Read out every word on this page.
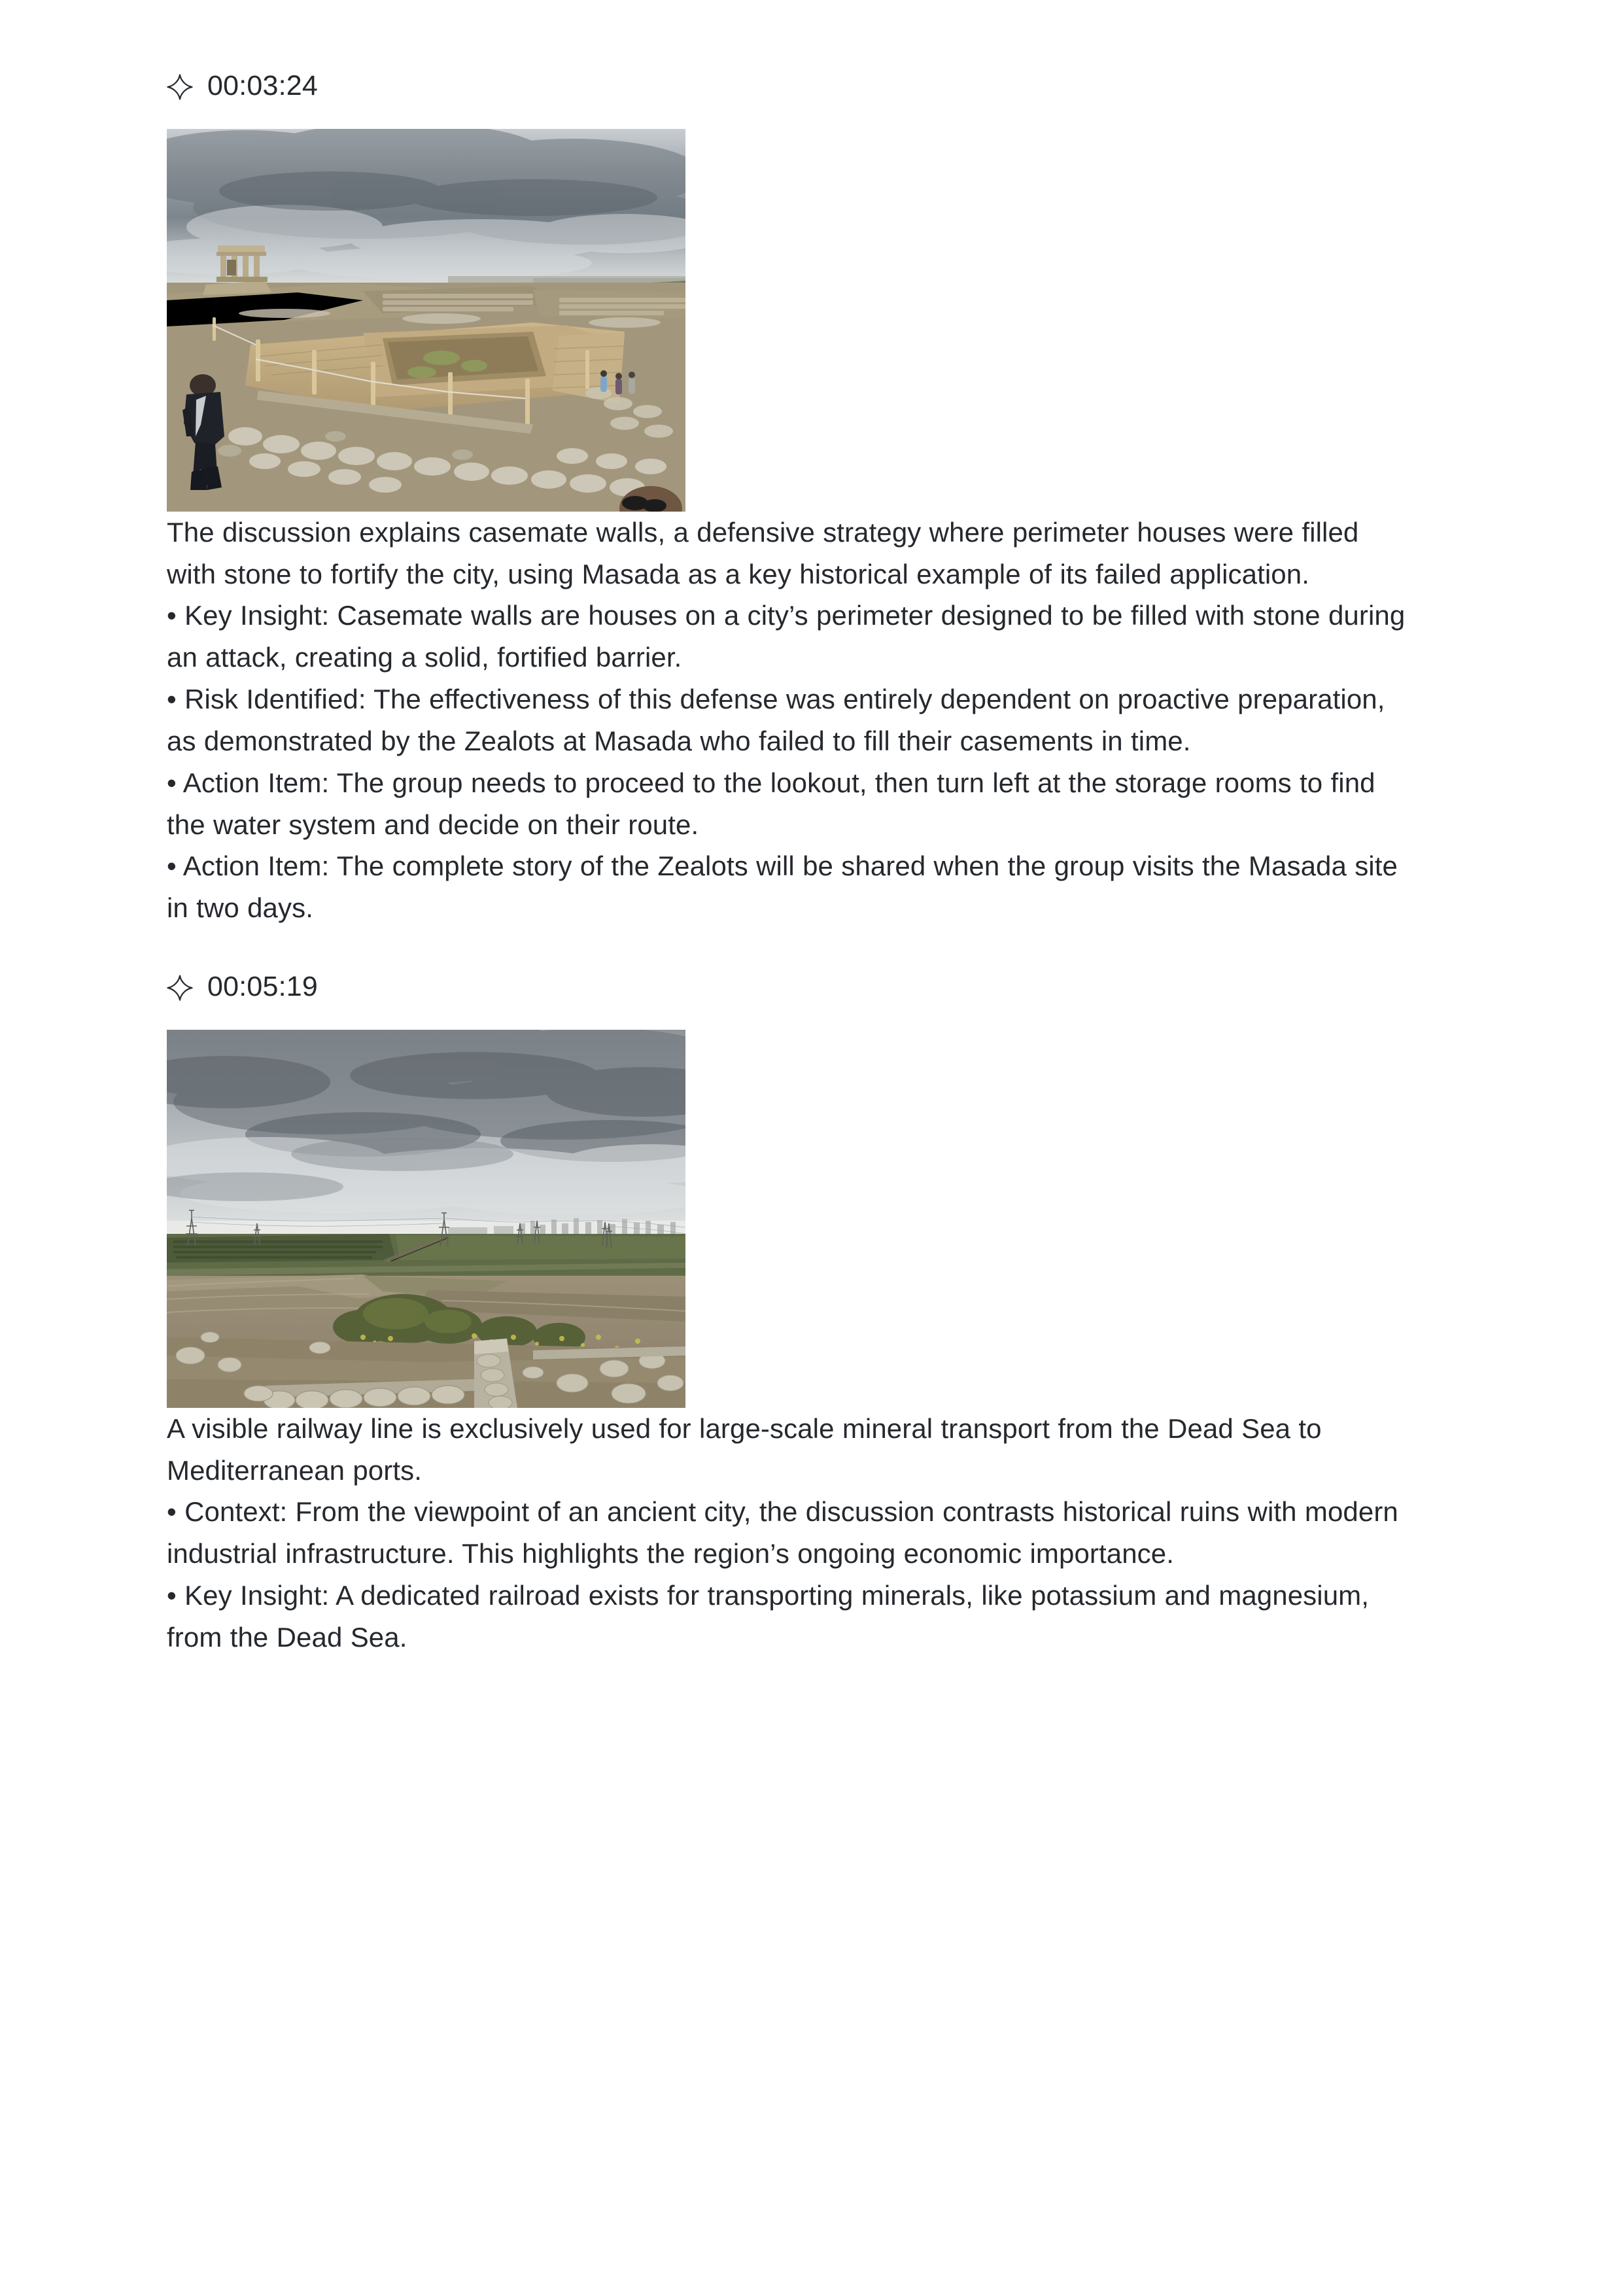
00:03:24

The discussion explains casemate walls, a defensive strategy where perimeter houses were filled with stone to fortify the city, using Masada as a key historical example of its failed application.

• Key Insight: Casemate walls are houses on a city’s perimeter designed to be filled with stone during an attack, creating a solid, fortified barrier.

• Risk Identified: The effectiveness of this defense was entirely dependent on proactive preparation, as demonstrated by the Zealots at Masada who failed to fill their casements in time.

• Action Item: The group needs to proceed to the lookout, then turn left at the storage rooms to find the water system and decide on their route.

• Action Item: The complete story of the Zealots will be shared when the group visits the Masada site in two days.

00:05:19

A visible railway line is exclusively used for large-scale mineral transport from the Dead Sea to Mediterranean ports.

• Context: From the viewpoint of an ancient city, the discussion contrasts historical ruins with modern industrial infrastructure. This highlights the region’s ongoing economic importance.

• Key Insight: A dedicated railroad exists for transporting minerals, like potassium and magnesium, from the Dead Sea.
